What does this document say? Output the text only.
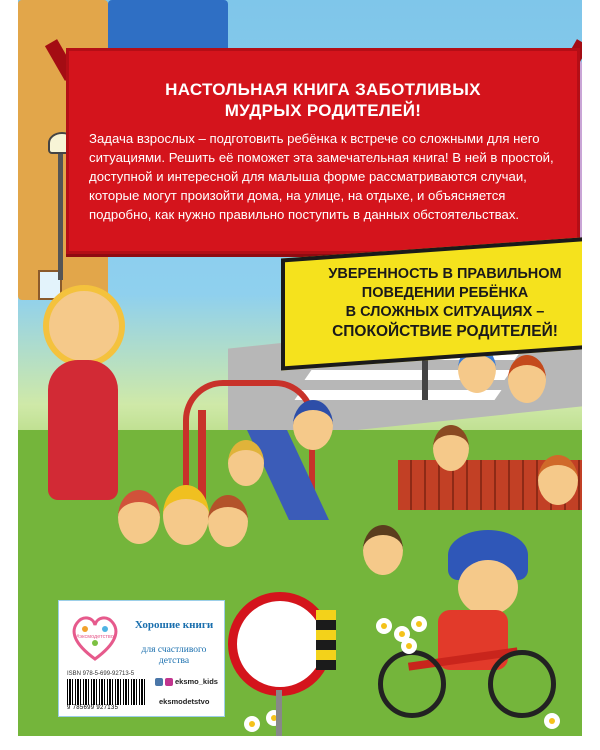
НАСТОЛЬНАЯ КНИГА ЗАБОТЛИВЫХ
МУДРЫХ РОДИТЕЛЕЙ!
Задача взрослых – подготовить ребёнка к встрече со сложными для него ситуациями. Решить её поможет эта замечательная книга! В ней в простой, доступной и интересной для малыша форме рассматриваются случаи, которые могут произойти дома, на улице, на отдыхе, и объясняется подробно, как нужно правильно поступить в данных обстоятельствах.
УВЕРЕННОСТЬ В ПРАВИЛЬНОМ
ПОВЕДЕНИИ РЕБЁНКА
В СЛОЖНЫХ СИТУАЦИЯХ –
СПОКОЙСТВИЕ РОДИТЕЛЕЙ!
#эксмодетство
Хорошие книги
для счастливого детства
ISBN 978-5-699-92713-5
9 785699 927135
eksmo_kids
eksmodetstvo
